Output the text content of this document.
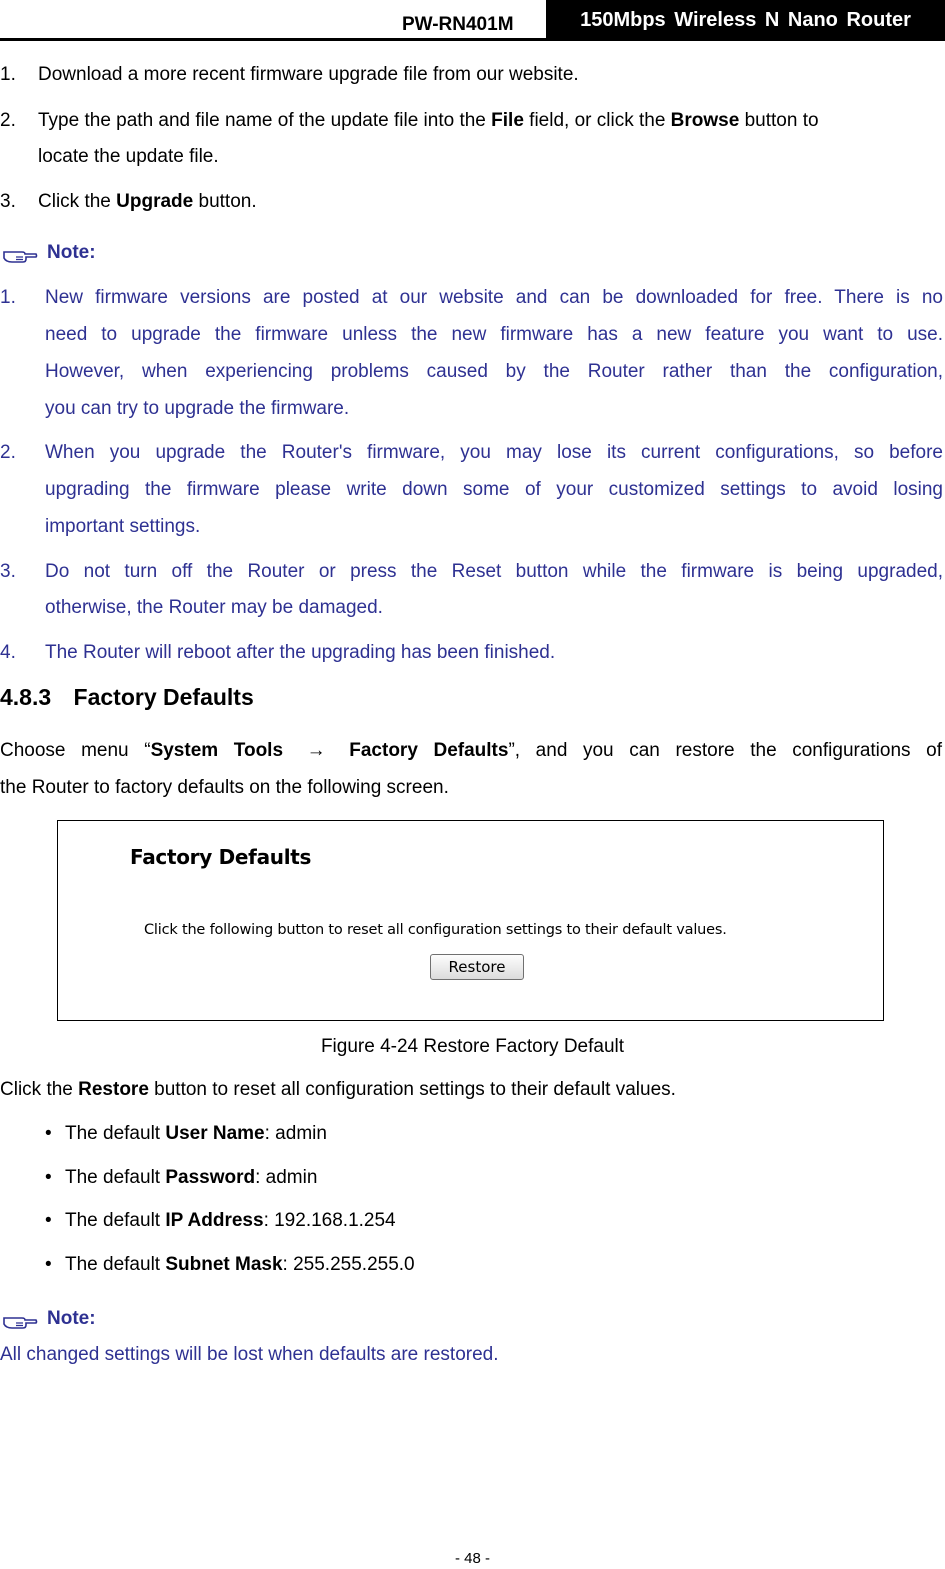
PW-RN401M	150Mbps Wireless N Nano Router
1. Download a more recent firmware upgrade file from our website.
2. Type the path and file name of the update file into the File field, or click the Browse button to
locate the update file.
3. Click the Upgrade button.
Note:
1. New firmware versions are posted at our website and can be downloaded for free. There is no
need to upgrade the firmware unless the new firmware has a new feature you want to use.
However, when experiencing problems caused by the Router rather than the configuration,
you can try to upgrade the firmware.
2. When you upgrade the Router's firmware, you may lose its current configurations, so before
upgrading the firmware please write down some of your customized settings to avoid losing
important settings.
3. Do not turn off the Router or press the Reset button while the firmware is being upgraded,
otherwise, the Router may be damaged.
4. The Router will reboot after the upgrading has been finished.
4.8.3 Factory Defaults
Choose menu “System Tools → Factory Defaults”, and you can restore the configurations of
the Router to factory defaults on the following screen.
Factory Defaults
Click the following button to reset all configuration settings to their default values.
Restore
Figure 4-24 Restore Factory Default
Click the Restore button to reset all configuration settings to their default values.
• The default User Name: admin
• The default Password: admin
• The default IP Address: 192.168.1.254
• The default Subnet Mask: 255.255.255.0
Note:
All changed settings will be lost when defaults are restored.
- 48 -
